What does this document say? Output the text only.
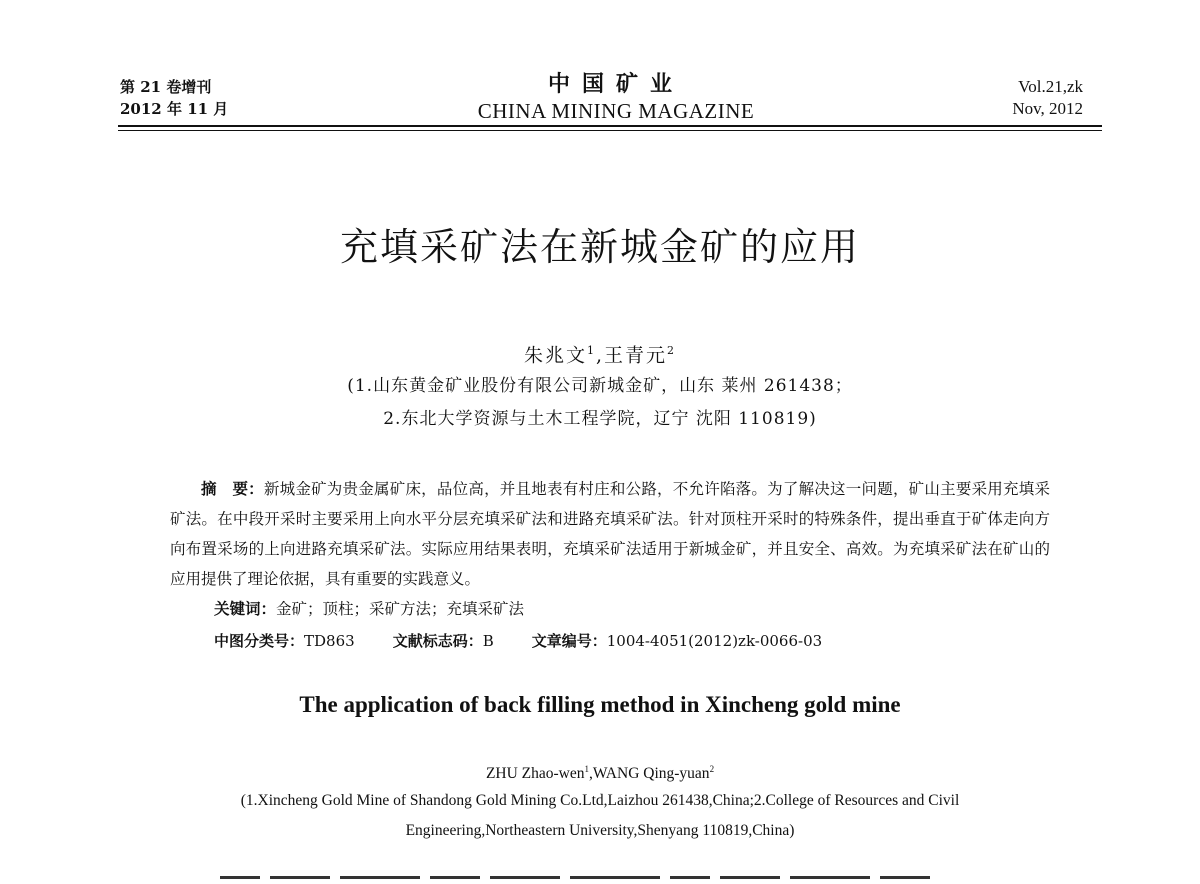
第 21 卷增刊
2012 年 11 月
中国矿业
CHINA MINING MAGAZINE
Vol.21,zk
Nov, 2012
充填采矿法在新城金矿的应用
朱兆文$^1$,王青元$^2$
(1.山东黄金矿业股份有限公司新城金矿，山东 莱州 261438；
2.东北大学资源与土木工程学院，辽宁 沈阳 110819)

摘　要：新城金矿为贵金属矿床，品位高，并且地表有村庄和公路，不允许陷落。为了解决这一问题，矿山主要采用充填采矿法。在中段开采时主要采用上向水平分层充填采矿法和进路充填采矿法。针对顶柱开采时的特殊条件，提出垂直于矿体走向方向布置采场的上向进路充填采矿法。实际应用结果表明，充填采矿法适用于新城金矿，并且安全、高效。为充填采矿法在矿山的应用提供了理论依据，具有重要的实践意义。

关键词：金矿；顶柱；采矿方法；充填采矿法
中图分类号：TD863	文献标志码：B	文章编号：1004-4051(2012)zk-0066-03
The application of back filling method in Xincheng gold mine
ZHU Zhao-wen$^1$,WANG Qing-yuan$^2$
(1.Xincheng Gold Mine of Shandong Gold Mining Co.Ltd,Laizhou 261438,China;2.College of Resources and Civil
Engineering,Northeastern University,Shenyang 110819,China)
